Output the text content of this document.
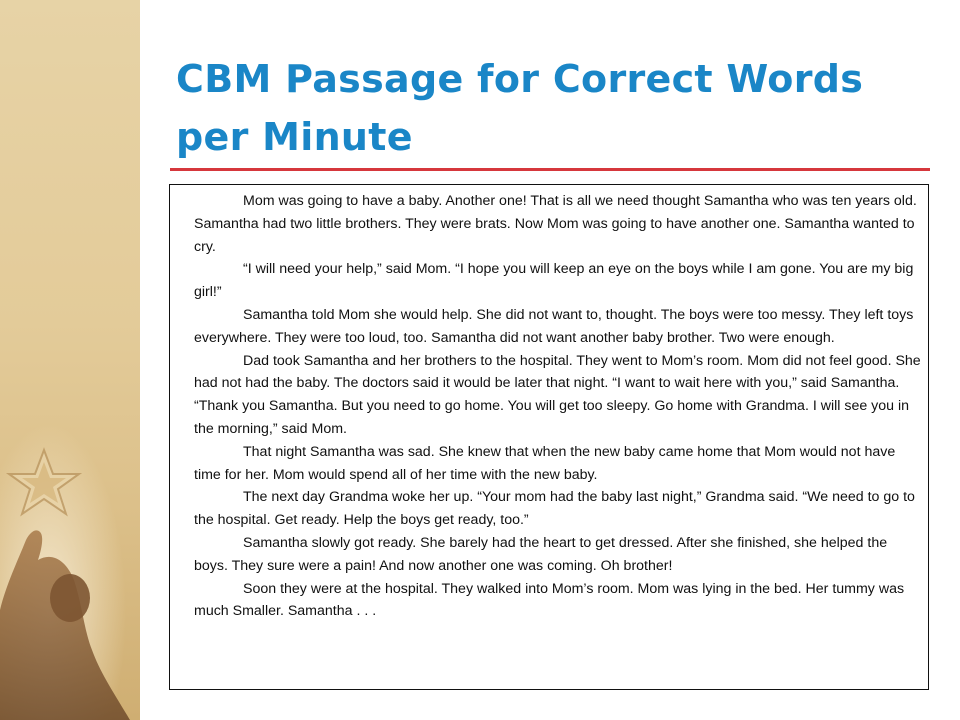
CBM Passage for Correct Words per Minute

Mom was going to have a baby. Another one! That is all we need thought Samantha who was ten years old. Samantha had two little brothers. They were brats. Now Mom was going to have another one. Samantha wanted to cry.

“I will need your help,” said Mom. “I hope you will keep an eye on the boys while I am gone. You are my big girl!”

Samantha told Mom she would help. She did not want to, thought. The boys were too messy. They left toys everywhere. They were too loud, too. Samantha did not want another baby brother. Two were enough.

Dad took Samantha and her brothers to the hospital. They went to Mom’s room. Mom did not feel good. She had not had the baby. The doctors said it would be later that night. “I want to wait here with you,” said Samantha. “Thank you Samantha. But you need to go home. You will get too sleepy. Go home with Grandma. I will see you in the morning,” said Mom.

That night Samantha was sad. She knew that when the new baby came home that Mom would not have time for her. Mom would spend all of her time with the new baby.

The next day Grandma woke her up. “Your mom had the baby last night,” Grandma said. “We need to go to the hospital. Get ready. Help the boys get ready, too.”

Samantha slowly got ready. She barely had the heart to get dressed. After she finished, she helped the boys. They sure were a pain! And now another one was coming. Oh brother!

Soon they were at the hospital. They walked into Mom’s room. Mom was lying in the bed. Her tummy was much Smaller. Samantha . . .
